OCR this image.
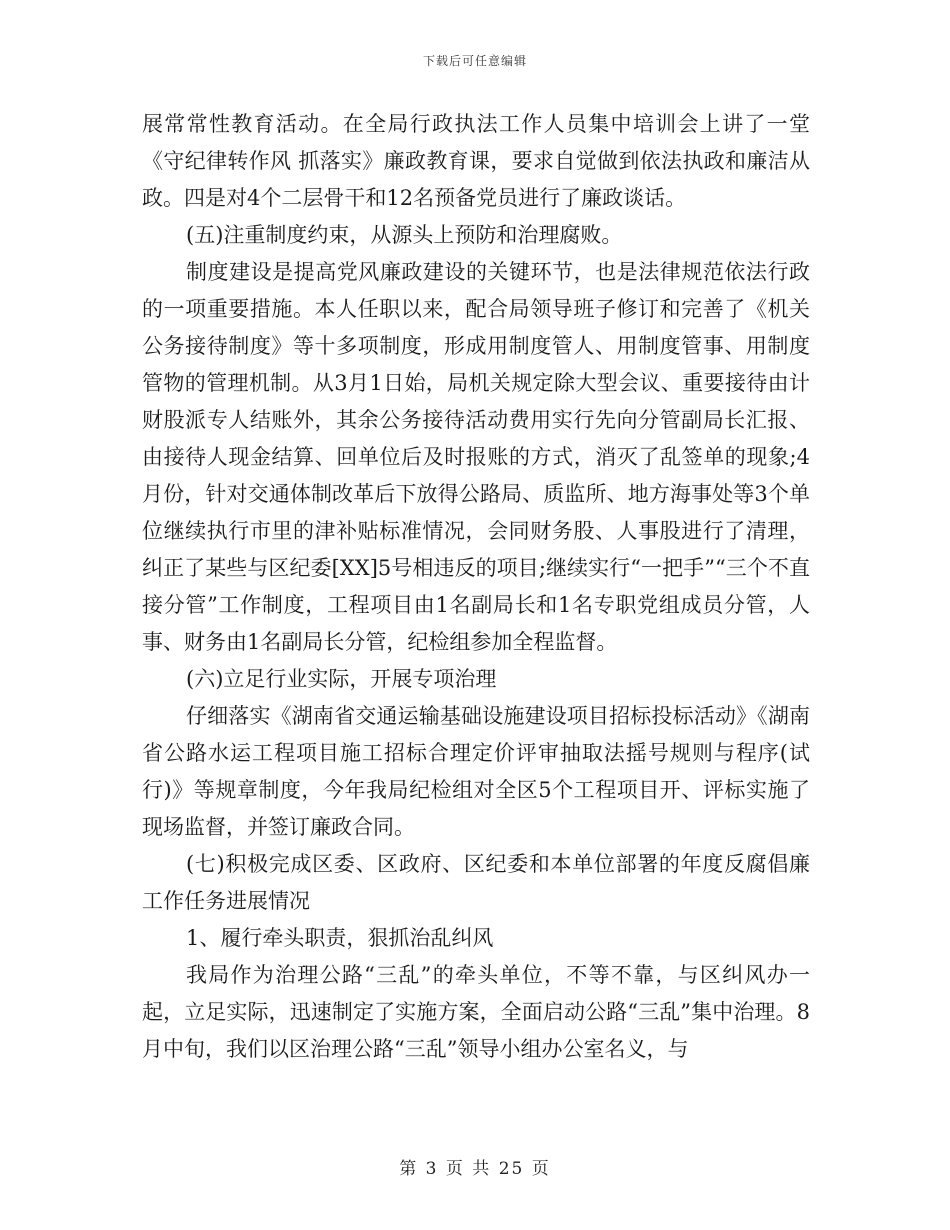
下载后可任意编辑

展常常性教育活动。在全局行政执法工作人员集中培训会上讲了一堂《守纪律转作风 抓落实》廉政教育课，要求自觉做到依法执政和廉洁从政。四是对4个二层骨干和12名预备党员进行了廉政谈话。

(五)注重制度约束，从源头上预防和治理腐败。

制度建设是提高党风廉政建设的关键环节，也是法律规范依法行政的一项重要措施。本人任职以来，配合局领导班子修订和完善了《机关公务接待制度》等十多项制度，形成用制度管人、用制度管事、用制度管物的管理机制。从3月1日始，局机关规定除大型会议、重要接待由计财股派专人结账外，其余公务接待活动费用实行先向分管副局长汇报、由接待人现金结算、回单位后及时报账的方式，消灭了乱签单的现象;4月份，针对交通体制改革后下放得公路局、质监所、地方海事处等3个单位继续执行市里的津补贴标准情况，会同财务股、人事股进行了清理，纠正了某些与区纪委[XX]5号相违反的项目;继续实行“一把手”“三个不直接分管”工作制度，工程项目由1名副局长和1名专职党组成员分管，人事、财务由1名副局长分管，纪检组参加全程监督。

(六)立足行业实际，开展专项治理

仔细落实《湖南省交通运输基础设施建设项目招标投标活动》《湖南省公路水运工程项目施工招标合理定价评审抽取法摇号规则与程序(试行)》等规章制度，今年我局纪检组对全区5个工程项目开、评标实施了现场监督，并签订廉政合同。

(七)积极完成区委、区政府、区纪委和本单位部署的年度反腐倡廉工作任务进展情况

1、履行牵头职责，狠抓治乱纠风

我局作为治理公路“三乱”的牵头单位，不等不靠，与区纠风办一起，立足实际，迅速制定了实施方案，全面启动公路“三乱”集中治理。8月中旬，我们以区治理公路“三乱”领导小组办公室名义，与

第 3 页 共 25 页
